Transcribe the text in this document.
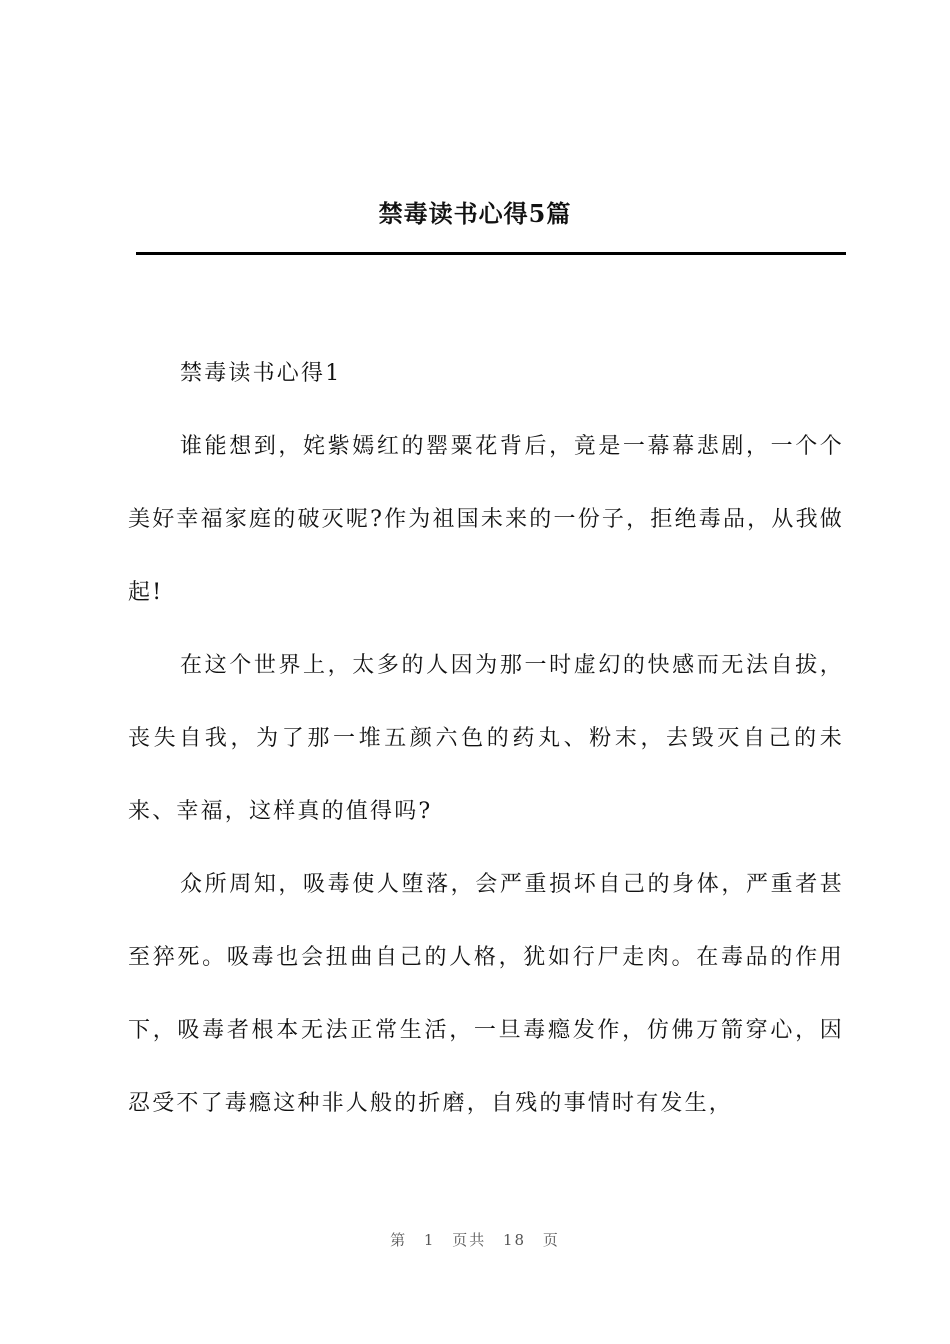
禁毒读书心得5篇

禁毒读书心得1

谁能想到，姹紫嫣红的罂粟花背后，竟是一幕幕悲剧，一个个美好幸福家庭的破灭呢?作为祖国未来的一份子，拒绝毒品，从我做起!

在这个世界上，太多的人因为那一时虚幻的快感而无法自拔，丧失自我，为了那一堆五颜六色的药丸、粉末，去毁灭自己的未来、幸福，这样真的值得吗?

众所周知，吸毒使人堕落，会严重损坏自己的身体，严重者甚至猝死。吸毒也会扭曲自己的人格，犹如行尸走肉。在毒品的作用下，吸毒者根本无法正常生活，一旦毒瘾发作，仿佛万箭穿心，因忍受不了毒瘾这种非人般的折磨，自残的事情时有发生，

第 1 页共 18 页
